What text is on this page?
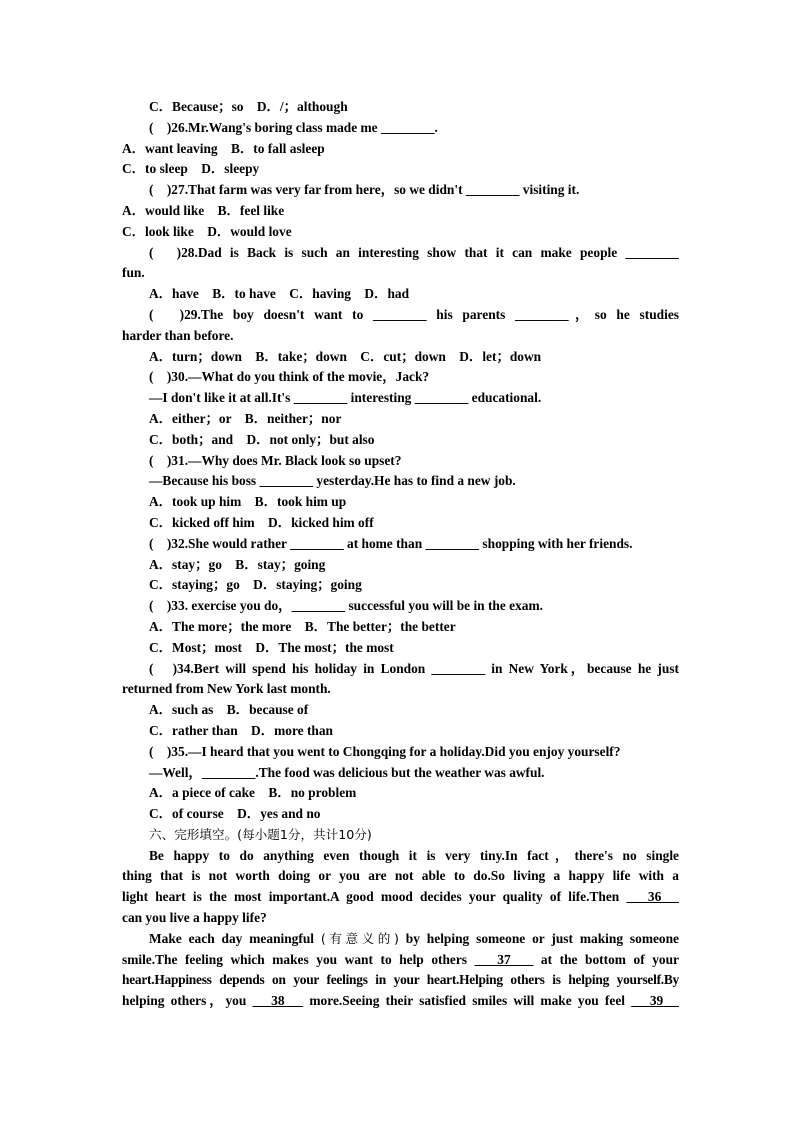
C．Because；so　D．/；although
(　)26.Mr.Wang's boring class made me ________.
A．want leaving　B．to fall asleep
C．to sleep　D．sleepy
(　)27.That farm was very far from here，so we didn't ________ visiting it.
A．would like　B．feel like
C．look like　D．would love
(　)28.Dad is Back is such an interesting show that it can make people ________
fun.
A．have　B．to have　C．having　D．had
(　)29.The boy doesn't want to ________ his parents ________，so he studies
harder than before.
A．turn；down　B．take；down　C．cut；down　D．let；down
(　)30.—What do you think of the movie，Jack?
—I don't like it at all.It's ________ interesting ________ educational.
A．either；or　B．neither；nor
C．both；and　D．not only；but also
(　)31.—Why does Mr. Black look so upset?
—Because his boss ________ yesterday.He has to find a new job.
A．took up him　B．took him up
C．kicked off him　D．kicked him off
(　)32.She would rather ________ at home than ________ shopping with her friends.
A．stay；go　B．stay；going
C．staying；go　D．staying；going
(　)33. exercise you do，________ successful you will be in the exam.
A．The more；the more　B．The better；the better
C．Most；most　D．The most；the most
(　)34.Bert will spend his holiday in London ________ in New York，because he just
returned from New York last month.
A．such as　B．because of
C．rather than　D．more than
(　)35.—I heard that you went to Chongqing for a holiday.Did you enjoy yourself?
—Well，________.The food was delicious but the weather was awful.
A．a piece of cake　B．no problem
C．of course　D．yes and no
六、完形填空。(每小题1分，共计10分)
Be happy to do anything even though it is very tiny.In fact，there's no single
thing that is not worth doing or you are not able to do.So living a happy life with a
light heart is the most important.A good mood decides your quality of life.Then 36
can you live a happy life?
Make each day meaningful (有意义的) by helping someone or just making someone
smile.The feeling which makes you want to help others 37 at the bottom of your
heart.Happiness depends on your feelings in your heart.Helping others is helping yourself.By
helping others，you 38 more.Seeing their satisfied smiles will make you feel 39
